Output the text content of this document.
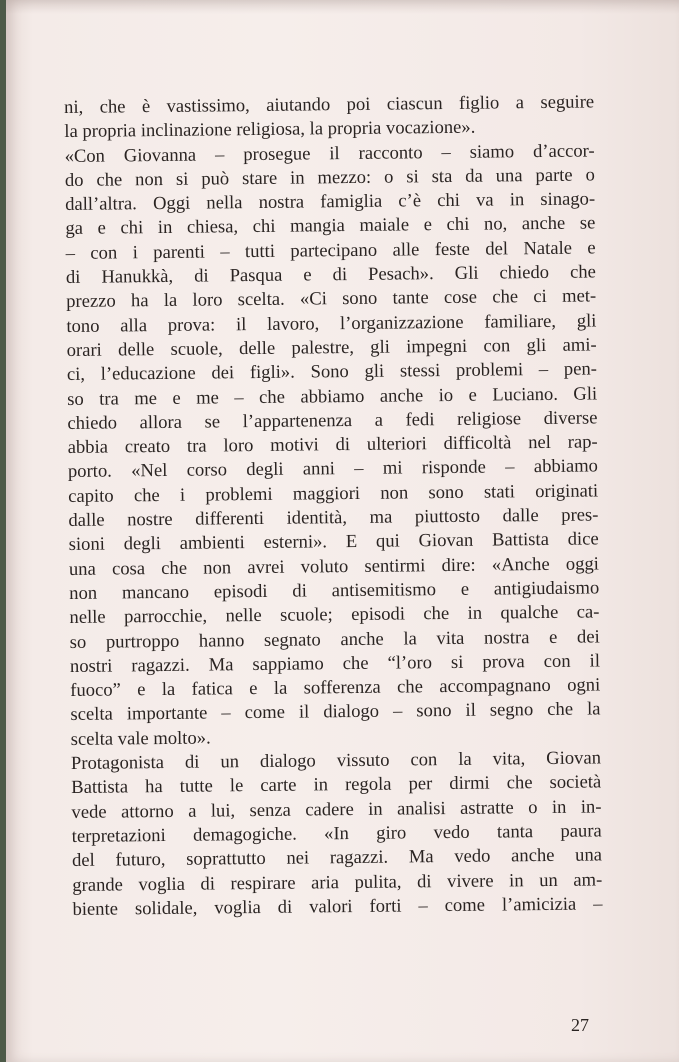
ni, che è vastissimo, aiutando poi ciascun figlio a seguire
la propria inclinazione religiosa, la propria vocazione».
«Con Giovanna – prosegue il racconto – siamo d’accor-
do che non si può stare in mezzo: o si sta da una parte o
dall’altra. Oggi nella nostra famiglia c’è chi va in sinago-
ga e chi in chiesa, chi mangia maiale e chi no, anche se
– con i parenti – tutti partecipano alle feste del Natale e
di Hanukkà, di Pasqua e di Pesach». Gli chiedo che
prezzo ha la loro scelta. «Ci sono tante cose che ci met-
tono alla prova: il lavoro, l’organizzazione familiare, gli
orari delle scuole, delle palestre, gli impegni con gli ami-
ci, l’educazione dei figli». Sono gli stessi problemi – pen-
so tra me e me – che abbiamo anche io e Luciano. Gli
chiedo allora se l’appartenenza a fedi religiose diverse
abbia creato tra loro motivi di ulteriori difficoltà nel rap-
porto. «Nel corso degli anni – mi risponde – abbiamo
capito che i problemi maggiori non sono stati originati
dalle nostre differenti identità, ma piuttosto dalle pres-
sioni degli ambienti esterni». E qui Giovan Battista dice
una cosa che non avrei voluto sentirmi dire: «Anche oggi
non mancano episodi di antisemitismo e antigiudaismo
nelle parrocchie, nelle scuole; episodi che in qualche ca-
so purtroppo hanno segnato anche la vita nostra e dei
nostri ragazzi. Ma sappiamo che “l’oro si prova con il
fuoco” e la fatica e la sofferenza che accompagnano ogni
scelta importante – come il dialogo – sono il segno che la
scelta vale molto».
Protagonista di un dialogo vissuto con la vita, Giovan
Battista ha tutte le carte in regola per dirmi che società
vede attorno a lui, senza cadere in analisi astratte o in in-
terpretazioni demagogiche. «In giro vedo tanta paura
del futuro, soprattutto nei ragazzi. Ma vedo anche una
grande voglia di respirare aria pulita, di vivere in un am-
biente solidale, voglia di valori forti – come l’amicizia –
27
